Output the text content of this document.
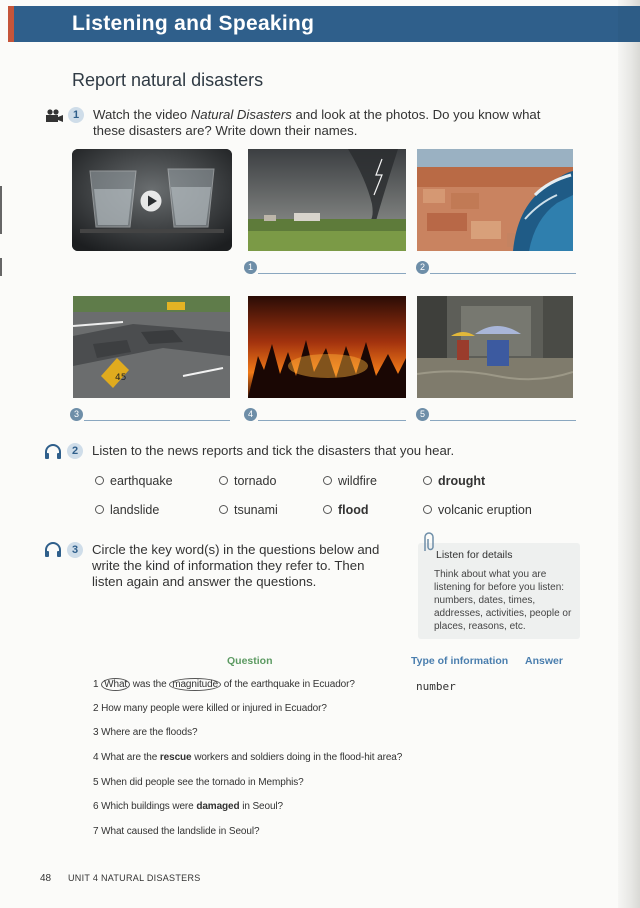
Listening and Speaking
Report natural disasters
1	Watch the video Natural Disasters and look at the photos. Do you know what
these disasters are? Write down their names.
1	2
45
3	4	5
2	Listen to the news reports and tick the disasters that you hear.
earthquake	tornado	wildfire	drought
landslide	tsunami	flood	volcanic eruption
3	Circle the key word(s) in the questions below and
write the kind of information they refer to. Then
listen again and answer the questions.
Listen for details
Think about what you are listening for before you listen: numbers, dates, times, addresses, activities, people or places, reasons, etc.
Question	Type of information Answer
1 What was the magnitude of the earthquake in Ecuador?	number
2 How many people were killed or injured in Ecuador?
3 Where are the floods?
4 What are the rescue workers and soldiers doing in the flood-hit area?
5 When did people see the tornado in Memphis?
6 Which buildings were damaged in Seoul?
7 What caused the landslide in Seoul?
48 UNIT 4 NATURAL DISASTERS
